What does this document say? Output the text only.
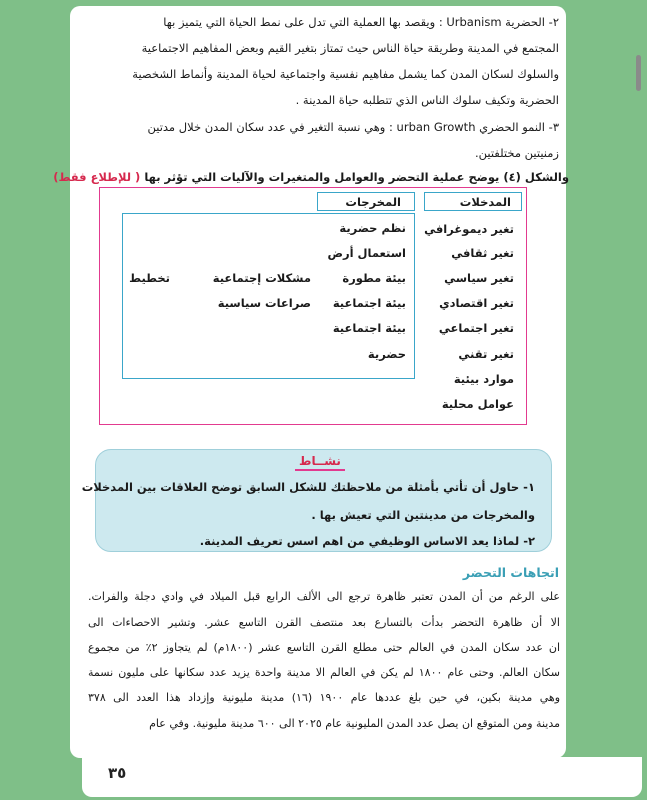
٣٥
٢- الحضرية Urbanism : ويقصد بها العملية التي تدل على نمط الحياة التي يتميز بها
المجتمع في المدينة وطريقة حياة الناس حيث تمتاز بتغير القيم وبعض المفاهيم الاجتماعية
والسلوك لسكان المدن كما يشمل مفاهيم نفسية واجتماعية لحياة المدينة وأنماط الشخصية
الحضرية وتكيف سلوك الناس الذي تتطلبه حياة المدينة .
٣- النمو الحضري urban Growth : وهي نسبة التغير في عدد سكان المدن خلال مدتين
زمنيتين مختلفتين.
والشكل (٤) يوضح عملية التحضر والعوامل والمتغيرات والآليات التي تؤثر بها ( للإطلاع فقط)
المدخلات
المخرجات
تغير ديموغرافي
تغير ثقافي
تغير سياسي
تغير اقتصادي
تغير اجتماعي
تغير تقني
موارد بيئية
عوامل محلية
نظم حضرية
استعمال أرض
بيئة مطورة
بيئة اجتماعية
بيئة اجتماعية
حضرية
مشكلات إجتماعية
صراعات سياسية
تخطيط
نشــاط
١- حاول أن تأتي بأمثلة من ملاحظتك للشكل السابق توضح العلاقات بين المدخلات
والمخرجات من مدينتين التي تعيش بها .
٢- لماذا يعد الاساس الوظيفي من اهم اسس تعريف المدينة.
اتجاهات التحضر
على الرغم من أن المدن تعتبر ظاهرة ترجع الى الألف الرابع قبل الميلاد في وادي دجلة والفرات.
الا أن ظاهرة التحضر بدأت بالتسارع بعد منتصف القرن التاسع عشر. وتشير الاحصاءات الى
ان عدد سكان المدن في العالم حتى مطلع القرن التاسع عشر (١٨٠٠م) لم يتجاوز ٢٪ من مجموع
سكان العالم. وحتى عام ١٨٠٠ لم يكن في العالم الا مدينة واحدة يزيد عدد سكانها على مليون نسمة
وهي مدينة بكين، في حين بلغ عددها عام ١٩٠٠ (١٦) مدينة مليونية وإزداد هذا العدد الى ٣٧٨
مدينة ومن المتوقع ان يصل عدد المدن المليونية عام ٢٠٢٥ الى ٦٠٠ مدينة مليونية. وفي عام
